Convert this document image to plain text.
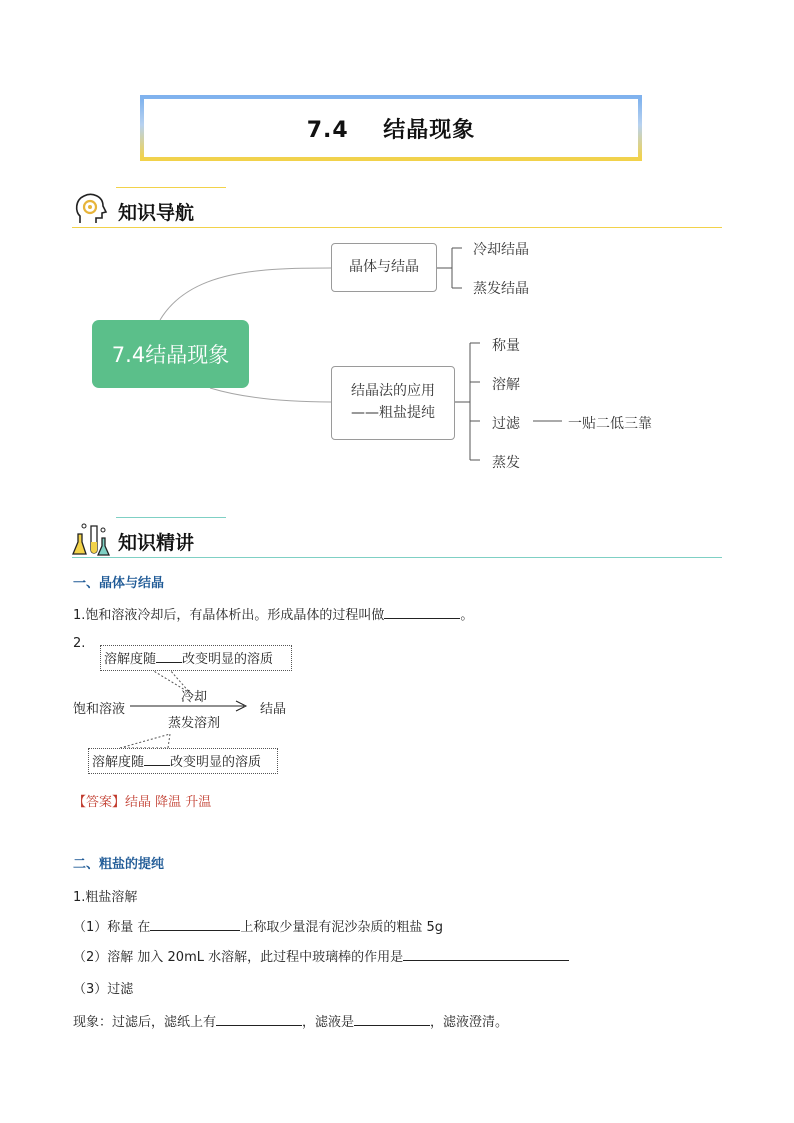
7.4    结晶现象
知识导航
7.4结晶现象
晶体与结晶
冷却结晶
蒸发结晶
结晶法的应用
——粗盐提纯
称量
溶解
过滤
蒸发
一贴二低三靠
知识精讲
一、晶体与结晶
1.饱和溶液冷却后，有晶体析出。形成晶体的过程叫做	。
2.
溶解度随 改变明显的溶质
饱和溶液
冷却
蒸发溶剂
结晶
溶解度随 改变明显的溶质
【答案】结晶 降温 升温
二、粗盐的提纯
1.粗盐溶解
（1）称量 在	上称取少量混有泥沙杂质的粗盐 5g
（2）溶解 加入 20mL 水溶解，此过程中玻璃棒的作用是
（3）过滤
现象：过滤后，滤纸上有	，滤液是	，滤液澄清。
